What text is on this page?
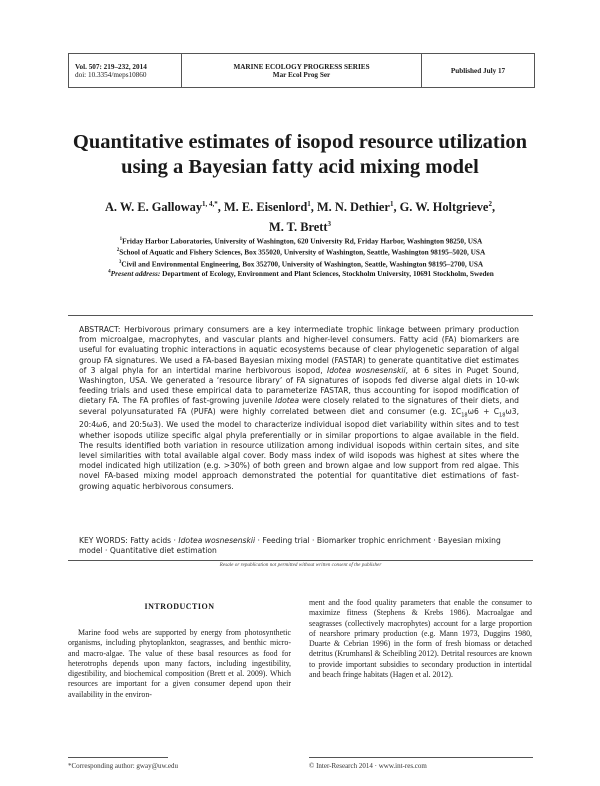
Vol. 507: 219–232, 2014
doi: 10.3354/meps10860
MARINE ECOLOGY PROGRESS SERIES
Mar Ecol Prog Ser	Published July 17
Quantitative estimates of isopod resource utilization
using a Bayesian fatty acid mixing model
A. W. E. Galloway$^{1, 4,*}$, M. E. Eisenlord$^1$, M. N. Dethier$^1$, G. W. Holtgrieve$^2$,
M. T. Brett$^3$
$^1$Friday Harbor Laboratories, University of Washington, 620 University Rd, Friday Harbor, Washington 98250, USA
$^2$School of Aquatic and Fishery Sciences, Box 355020, University of Washington, Seattle, Washington 98195–5020, USA
$^3$Civil and Environmental Engineering, Box 352700, University of Washington, Seattle, Washington 98195–2700, USA
$^4$Present address: Department of Ecology, Environment and Plant Sciences, Stockholm University, 10691 Stockholm, Sweden
ABSTRACT: Herbivorous primary consumers are a key intermediate trophic linkage between primary production from microalgae, macrophytes, and vascular plants and higher-level consumers. Fatty acid (FA) biomarkers are useful for evaluating trophic interactions in aquatic ecosystems because of clear phylogenetic separation of algal group FA signatures. We used a FA-based Bayesian mixing model (FASTAR) to generate quantitative diet estimates of 3 algal phyla for an intertidal marine herbivorous isopod, Idotea wosnesenskii, at 6 sites in Puget Sound, Washington, USA. We generated a ‘resource library’ of FA signatures of isopods fed diverse algal diets in 10-wk feeding trials and used these empirical data to parameterize FASTAR, thus accounting for isopod modification of dietary FA. The FA profiles of fast-growing juvenile Idotea were closely related to the signatures of their diets, and several polyunsaturated FA (PUFA) were highly correlated between diet and consumer (e.g. $\Sigma C_{18}\omega 6 + C_{18}\omega 3$, 20:4ω6, and 20:5ω3). We used the model to characterize individual isopod diet variability within sites and to test whether isopods utilize specific algal phyla preferentially or in similar proportions to algae available in the field. The results identified both variation in resource utilization among individual isopods within certain sites, and site level similarities with total available algal cover. Body mass index of wild isopods was highest at sites where the model indicated high utilization (e.g. >30%) of both green and brown algae and low support from red algae. This novel FA-based mixing model approach demonstrated the potential for quantitative diet estimations of fast-growing aquatic herbivorous consumers.
KEY WORDS: Fatty acids · Idotea wosnesenskii · Feeding trial · Biomarker trophic enrichment · Bayesian mixing model · Quantitative diet estimation
Resale or republication not permitted without written consent of the publisher
INTRODUCTION
Marine food webs are supported by energy from photosynthetic organisms, including phytoplankton, seagrasses, and benthic micro- and macro-algae. The value of these basal resources as food for heterotrophs depends upon many factors, including ingestibility, digestibility, and biochemical composition (Brett et al. 2009). Which resources are important for a given consumer depend upon their availability in the environ-
ment and the food quality parameters that enable the consumer to maximize fitness (Stephens & Krebs 1986). Macroalgae and seagrasses (collectively macrophytes) account for a large proportion of nearshore primary production (e.g. Mann 1973, Duggins 1980, Duarte & Cebrian 1996) in the form of fresh biomass or detached detritus (Krumhansl & Scheibling 2012). Detrital resources are known to provide important subsidies to secondary production in intertidal and beach fringe habitats (Hagen et al. 2012).
*Corresponding author: gway@uw.edu	© Inter-Research 2014 · www.int-res.com
